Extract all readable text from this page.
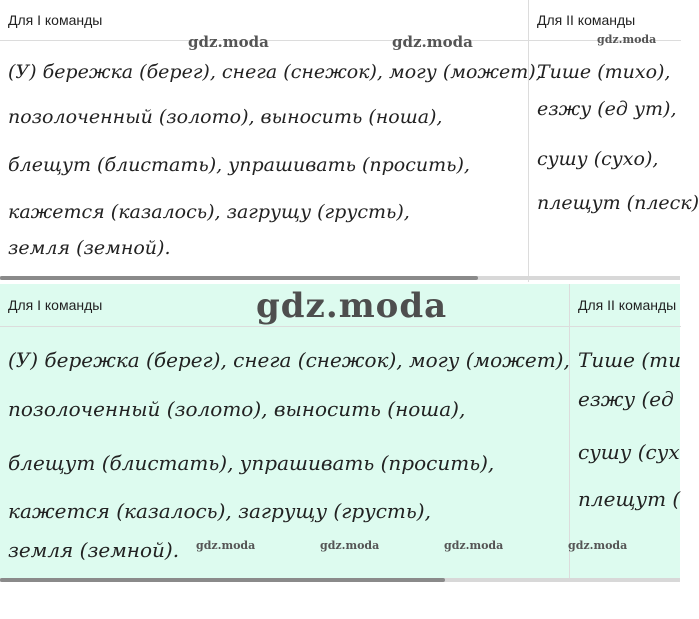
Для I команды
(У) бережка (берег), снега (снежок), могу (может),
позолоченный (золото), выносить (ноша),
блещут (блистать), упрашивать (просить),
кажется (казалось), загрущу (грусть),
земля (земной).
Для II команды
Тише (тихо),
езжу (ед ут),
сушу (сухо),
плещут (плеск)
gdz.moda	gdz.moda	gdz.moda
Для I команды
(У) бережка (берег), снега (снежок), могу (может),
позолоченный (золото), выносить (ноша),
блещут (блистать), упрашивать (просить),
кажется (казалось), загрущу (грусть),
земля (земной).
Для II команды
Тише (ти
езжу (ед
сушу (сух
плещут (
gdz.moda
gdz.moda	gdz.moda	gdz.moda	gdz.moda
